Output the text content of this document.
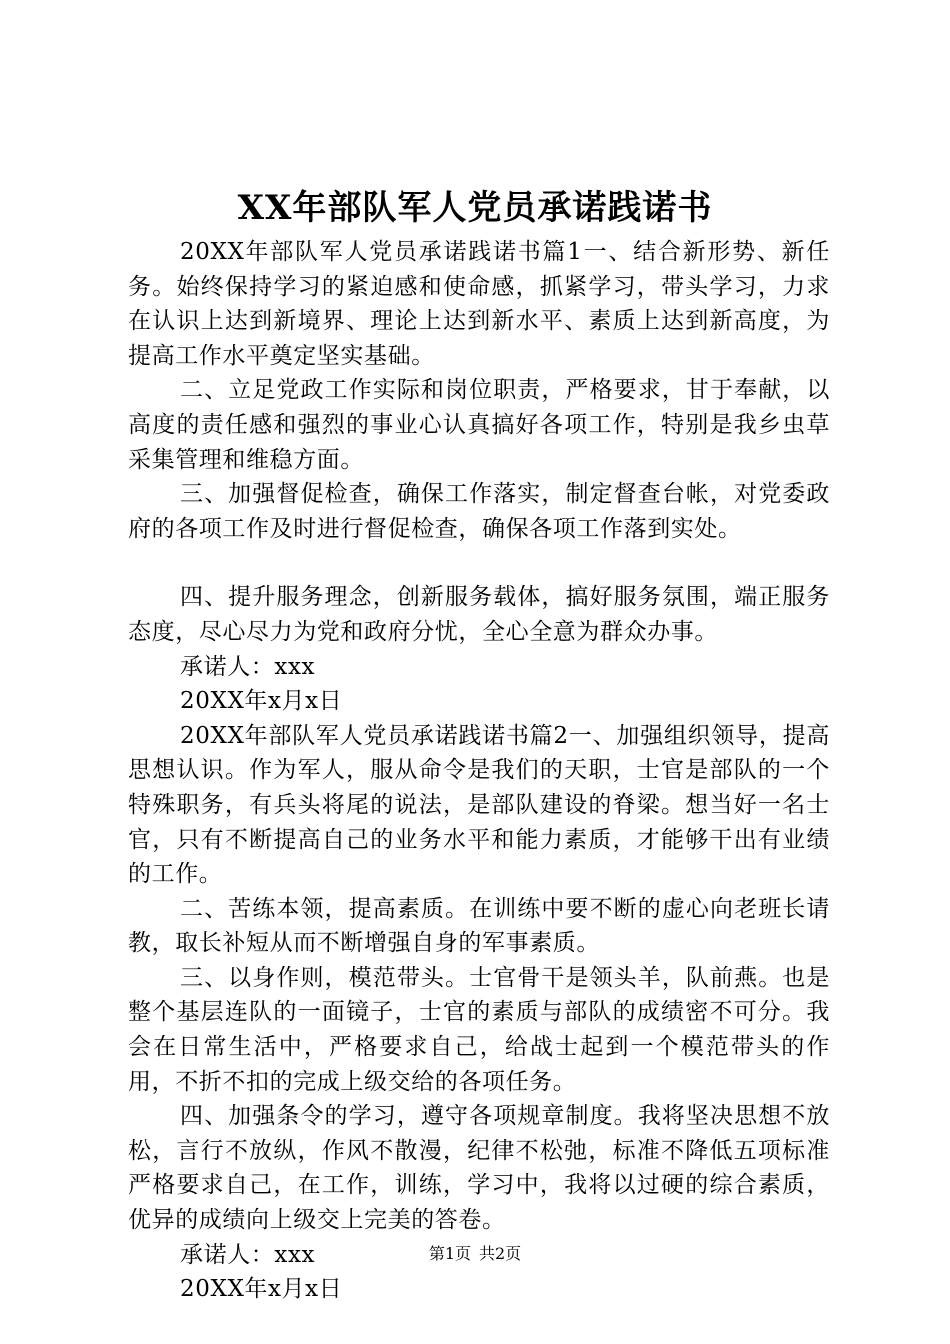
XX年部队军人党员承诺践诺书

20XX年部队军人党员承诺践诺书篇1一、结合新形势、新任务。始终保持学习的紧迫感和使命感，抓紧学习，带头学习，力求在认识上达到新境界、理论上达到新水平、素质上达到新高度，为提高工作水平奠定坚实基础。

二、立足党政工作实际和岗位职责，严格要求，甘于奉献，以高度的责任感和强烈的事业心认真搞好各项工作，特别是我乡虫草采集管理和维稳方面。

三、加强督促检查，确保工作落实，制定督查台帐，对党委政府的各项工作及时进行督促检查，确保各项工作落到实处。

四、提升服务理念，创新服务载体，搞好服务氛围，端正服务态度，尽心尽力为党和政府分忧，全心全意为群众办事。

承诺人：xxx

20XX年x月x日

20XX年部队军人党员承诺践诺书篇2一、加强组织领导，提高思想认识。作为军人，服从命令是我们的天职，士官是部队的一个特殊职务，有兵头将尾的说法，是部队建设的脊梁。想当好一名士官，只有不断提高自己的业务水平和能力素质，才能够干出有业绩的工作。

二、苦练本领，提高素质。在训练中要不断的虚心向老班长请教，取长补短从而不断增强自身的军事素质。

三、以身作则，模范带头。士官骨干是领头羊，队前燕。也是整个基层连队的一面镜子，士官的素质与部队的成绩密不可分。我会在日常生活中，严格要求自己，给战士起到一个模范带头的作用，不折不扣的完成上级交给的各项任务。

四、加强条令的学习，遵守各项规章制度。我将坚决思想不放松，言行不放纵，作风不散漫，纪律不松弛，标准不降低五项标准严格要求自己，在工作，训练，学习中，我将以过硬的综合素质，优异的成绩向上级交上完美的答卷。

承诺人：xxx

20XX年x月x日

第1页 共2页
